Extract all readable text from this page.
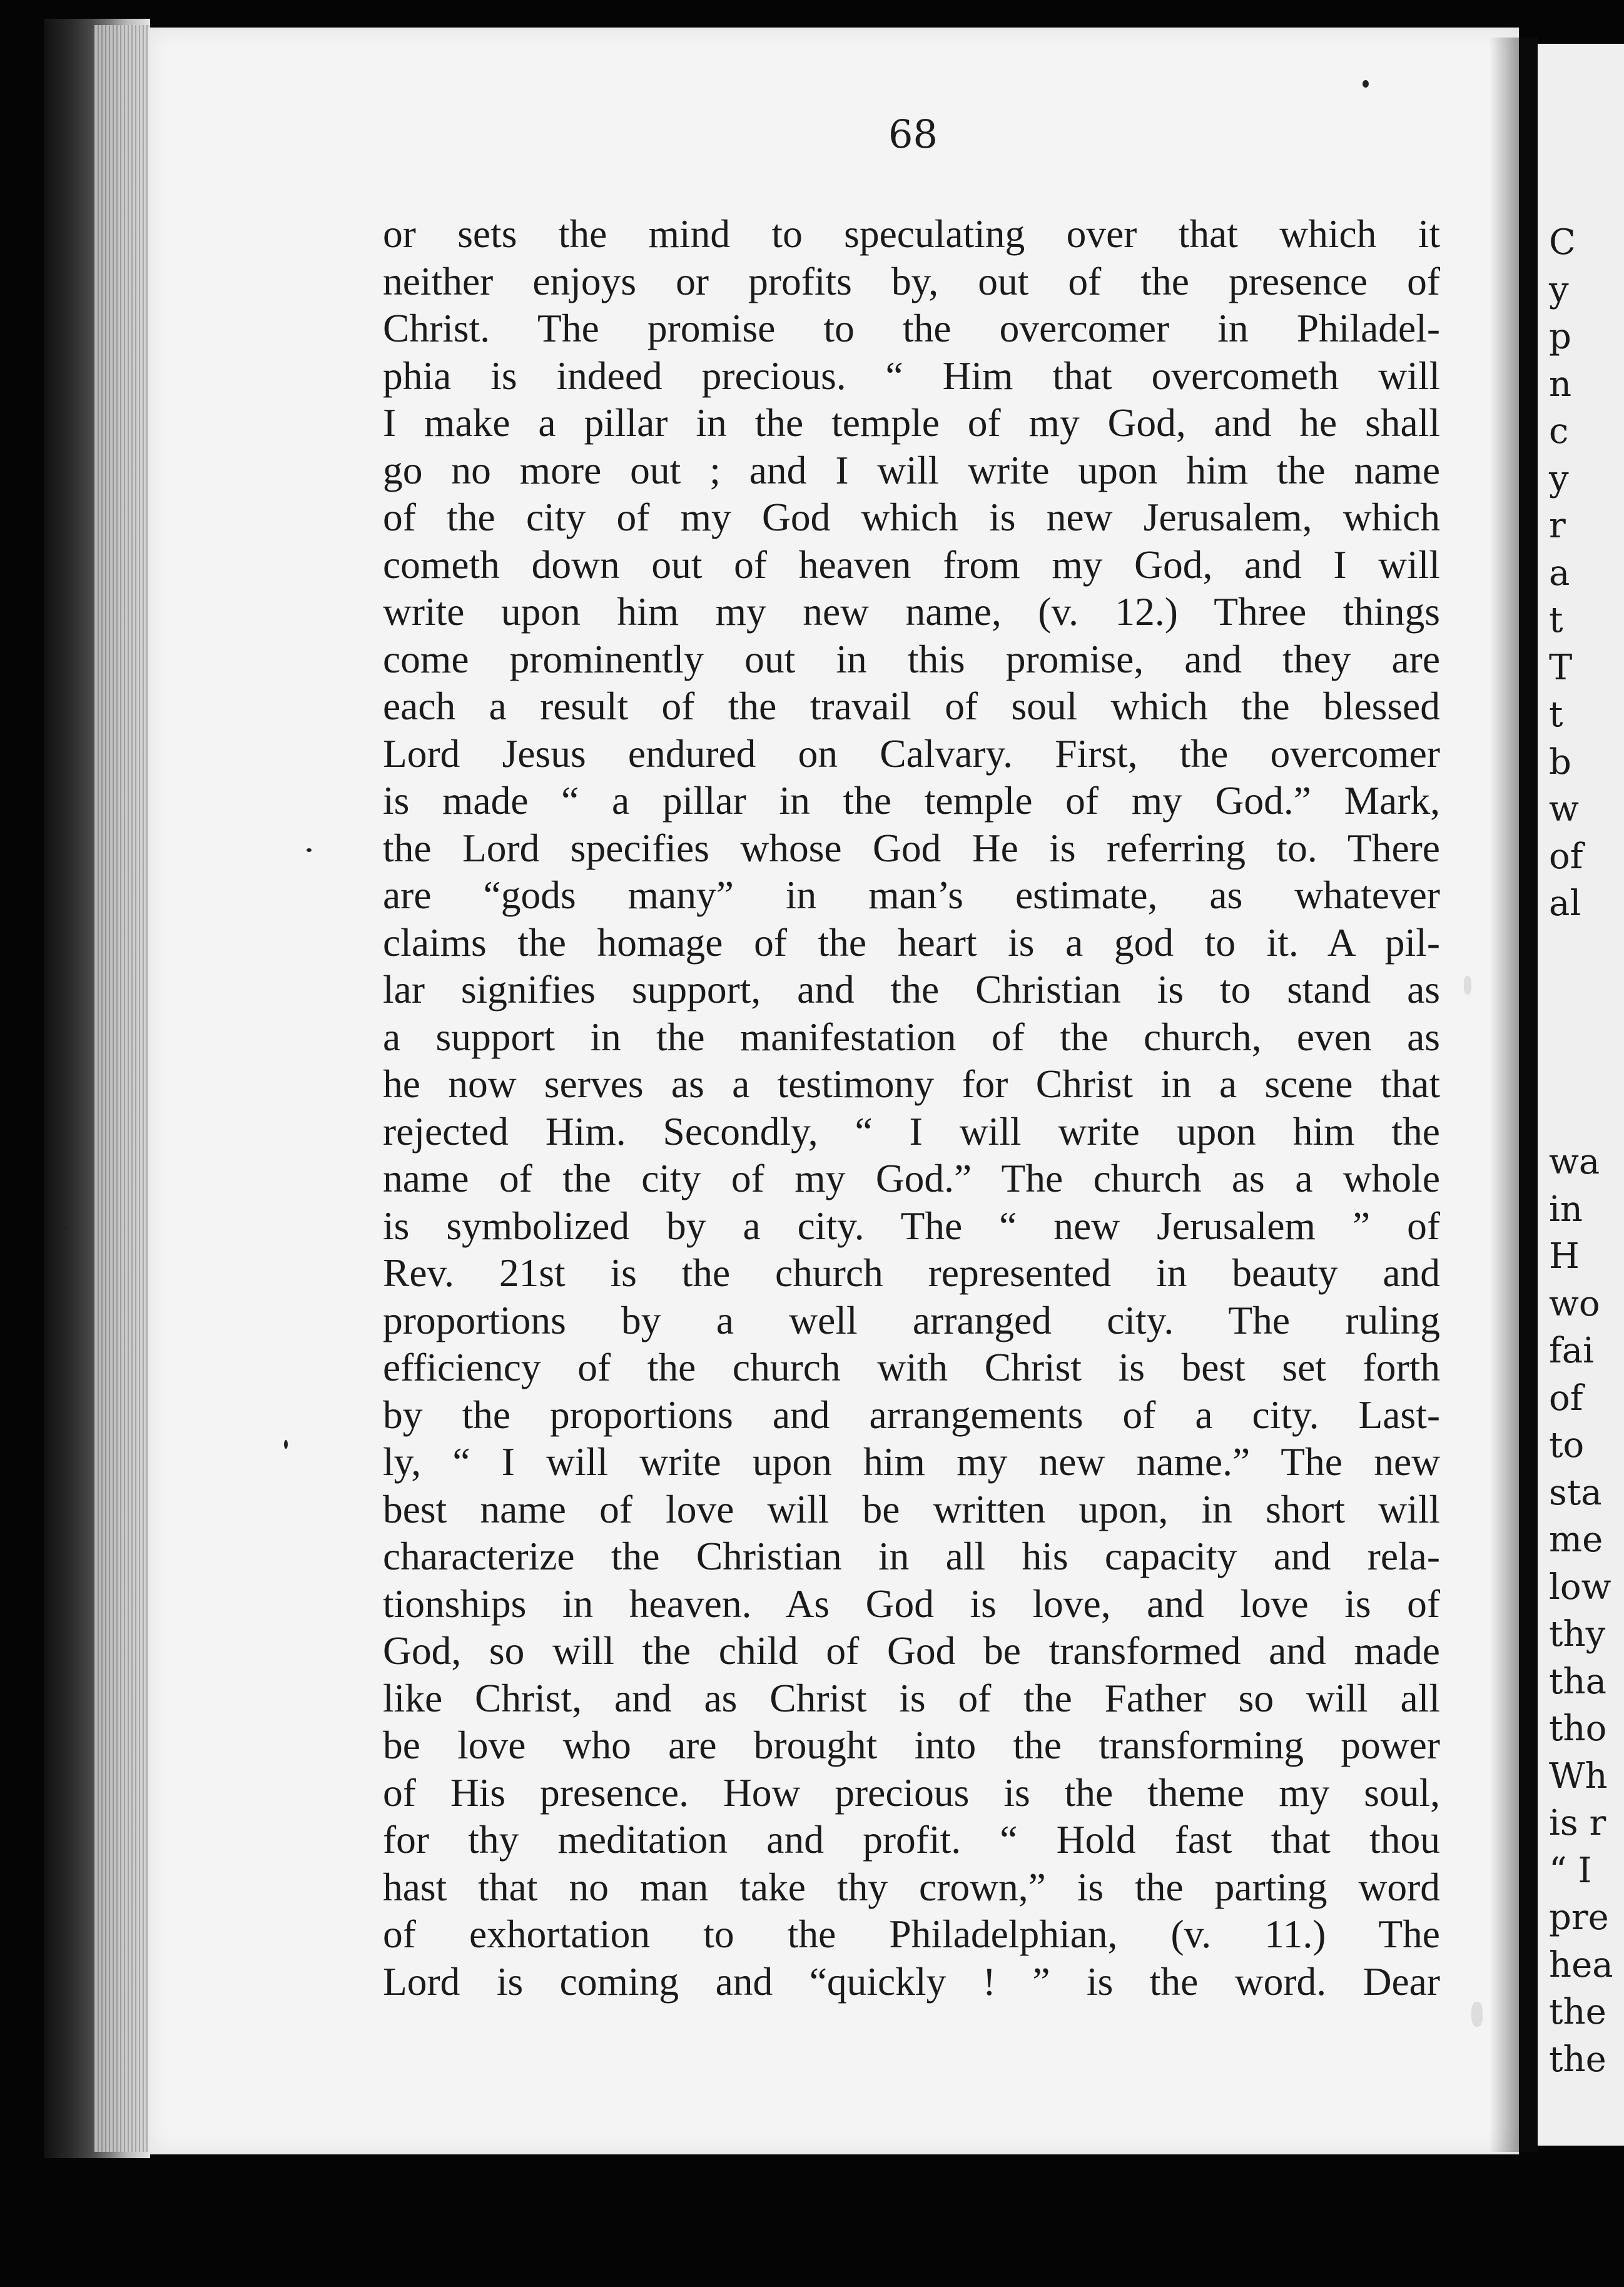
68
or sets the mind to speculating over that which it
neither enjoys or profits by, out of the presence of
Christ. The promise to the overcomer in Philadel-
phia is indeed precious. “ Him that overcometh will
I make a pillar in the temple of my God, and he shall
go no more out ; and I will write upon him the name
of the city of my God which is new Jerusalem, which
cometh down out of heaven from my God, and I will
write upon him my new name, (v. 12.) Three things
come prominently out in this promise, and they are
each a result of the travail of soul which the blessed
Lord Jesus endured on Calvary. First, the overcomer
is made “ a pillar in the temple of my God.” Mark,
the Lord specifies whose God He is referring to. There
are “gods many” in man’s estimate, as whatever
claims the homage of the heart is a god to it. A pil-
lar signifies support, and the Christian is to stand as
a support in the manifestation of the church, even as
he now serves as a testimony for Christ in a scene that
rejected Him. Secondly, “ I will write upon him the
name of the city of my God.” The church as a whole
is symbolized by a city. The “ new Jerusalem ” of
Rev. 21st is the church represented in beauty and
proportions by a well arranged city. The ruling
efficiency of the church with Christ is best set forth
by the proportions and arrangements of a city. Last-
ly, “ I will write upon him my new name.” The new
best name of love will be written upon, in short will
characterize the Christian in all his capacity and rela-
tionships in heaven. As God is love, and love is of
God, so will the child of God be transformed and made
like Christ, and as Christ is of the Father so will all
be love who are brought into the transforming power
of His presence. How precious is the theme my soul,
for thy meditation and profit. “ Hold fast that thou
hast that no man take thy crown,” is the parting word
of exhortation to the Philadelphian, (v. 11.) The
Lord is coming and “quickly ! ” is the word. Dear
C
y
p
n
c
y
r
a
t
T
t
b
w
of
al
wa
in
H
wo
fai
of
to
sta
me
low
thy
tha
tho
Wh
is r
“ I
pre
hea
the
the
